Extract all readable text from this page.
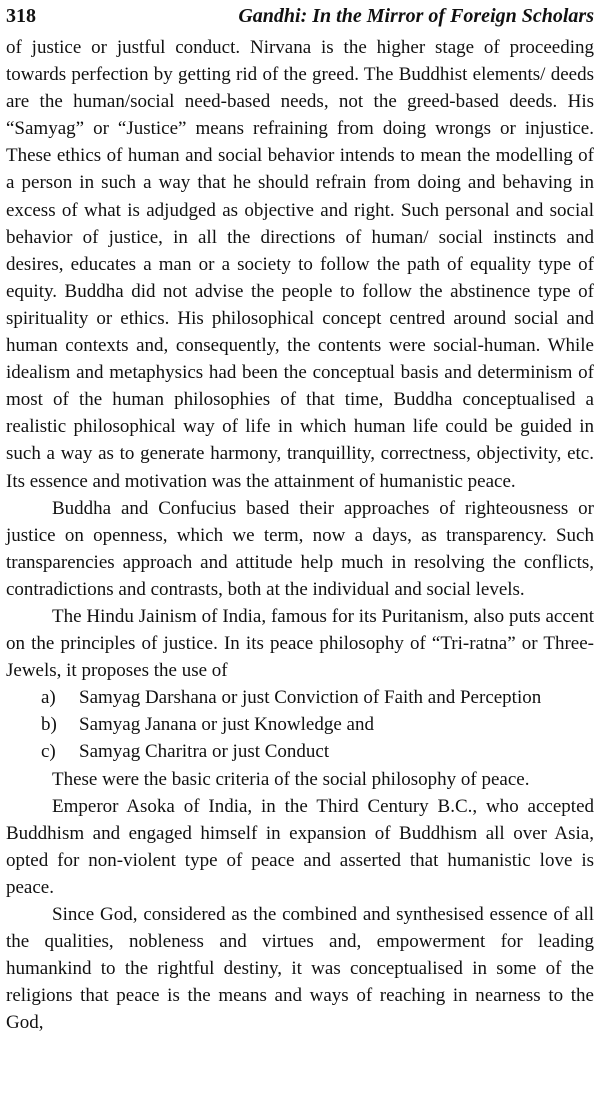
318	Gandhi: In the Mirror of Foreign Scholars

of justice or justful conduct. Nirvana is the higher stage of proceeding towards perfection by getting rid of the greed. The Buddhist elements/ deeds are the human/social need-based needs, not the greed-based deeds. His “Samyag” or “Justice” means refraining from doing wrongs or injustice. These ethics of human and social behavior intends to mean the modelling of a person in such a way that he should refrain from doing and behaving in excess of what is adjudged as objective and right. Such personal and social behavior of justice, in all the directions of human/ social instincts and desires, educates a man or a society to follow the path of equality type of equity. Buddha did not advise the people to follow the abstinence type of spirituality or ethics. His philosophical concept centred around social and human contexts and, consequently, the contents were social-human. While idealism and metaphysics had been the conceptual basis and determinism of most of the human philosophies of that time, Buddha conceptualised a realistic philosophical way of life in which human life could be guided in such a way as to generate harmony, tranquillity, correctness, objectivity, etc. Its essence and motivation was the attainment of humanistic peace.

Buddha and Confucius based their approaches of righteousness or justice on openness, which we term, now a days, as transparency. Such transparencies approach and attitude help much in resolving the conflicts, contradictions and contrasts, both at the individual and social levels.

The Hindu Jainism of India, famous for its Puritanism, also puts accent on the principles of justice. In its peace philosophy of “Tri-ratna” or Three-Jewels, it proposes the use of

a)	Samyag Darshana or just Conviction of Faith and Perception
b)	Samyag Janana or just Knowledge and
c)	Samyag Charitra or just Conduct

These were the basic criteria of the social philosophy of peace.

Emperor Asoka of India, in the Third Century B.C., who accepted Buddhism and engaged himself in expansion of Buddhism all over Asia, opted for non-violent type of peace and asserted that humanistic love is peace.

Since God, considered as the combined and synthesised essence of all the qualities, nobleness and virtues and, empowerment for leading humankind to the rightful destiny, it was conceptualised in some of the religions that peace is the means and ways of reaching in nearness to the God,
